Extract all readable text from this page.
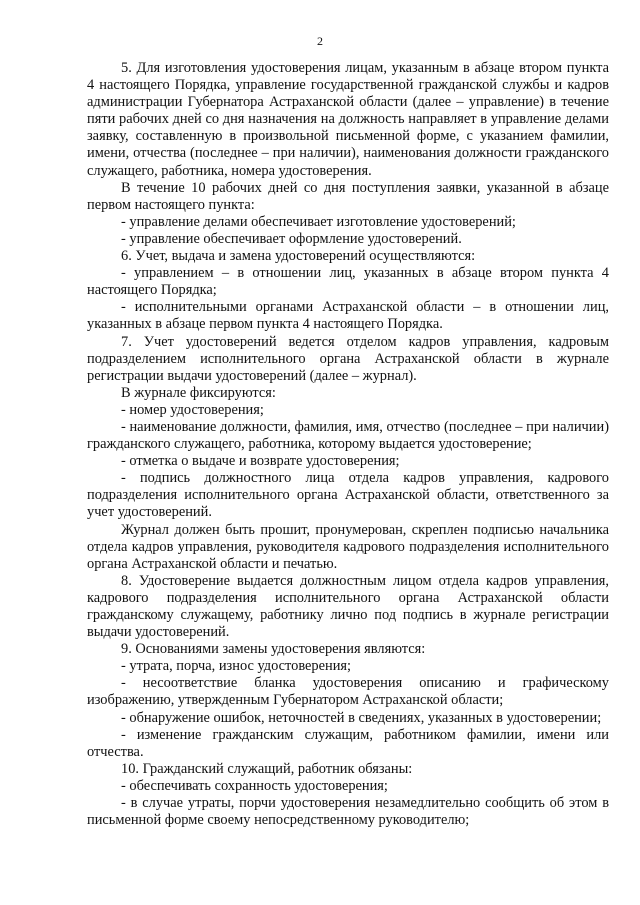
2

5. Для изготовления удостоверения лицам, указанным в абзаце втором пункта 4 настоящего Порядка, управление государственной гражданской службы и кадров администрации Губернатора Астраханской области (далее – управление) в течение пяти рабочих дней со дня назначения на должность направляет в управление делами заявку, составленную в произвольной письменной форме, с указанием фамилии, имени, отчества (последнее – при наличии), наименования должности гражданского служащего, работника, номера удостоверения.

В течение 10 рабочих дней со дня поступления заявки, указанной в абзаце первом настоящего пункта:

- управление делами обеспечивает изготовление удостоверений;

- управление обеспечивает оформление удостоверений.

6. Учет, выдача и замена удостоверений осуществляются:

- управлением – в отношении лиц, указанных в абзаце втором пункта 4 настоящего Порядка;

- исполнительными органами Астраханской области – в отношении лиц, указанных в абзаце первом пункта 4 настоящего Порядка.

7. Учет удостоверений ведется отделом кадров управления, кадровым подразделением исполнительного органа Астраханской области в журнале регистрации выдачи удостоверений (далее – журнал).

В журнале фиксируются:

- номер удостоверения;

- наименование должности, фамилия, имя, отчество (последнее – при наличии) гражданского служащего, работника, которому выдается удостоверение;

- отметка о выдаче и возврате удостоверения;

- подпись должностного лица отдела кадров управления, кадрового подразделения исполнительного органа Астраханской области, ответственного за учет удостоверений.

Журнал должен быть прошит, пронумерован, скреплен подписью начальника отдела кадров управления, руководителя кадрового подразделения исполнительного органа Астраханской области и печатью.

8. Удостоверение выдается должностным лицом отдела кадров управления, кадрового подразделения исполнительного органа Астраханской области гражданскому служащему, работнику лично под подпись в журнале регистрации выдачи удостоверений.

9. Основаниями замены удостоверения являются:

- утрата, порча, износ удостоверения;

- несоответствие бланка удостоверения описанию и графическому изображению, утвержденным Губернатором Астраханской области;

- обнаружение ошибок, неточностей в сведениях, указанных в удостоверении;

- изменение гражданским служащим, работником фамилии, имени или отчества.

10. Гражданский служащий, работник обязаны:

- обеспечивать сохранность удостоверения;

- в случае утраты, порчи удостоверения незамедлительно сообщить об этом в письменной форме своему непосредственному руководителю;
